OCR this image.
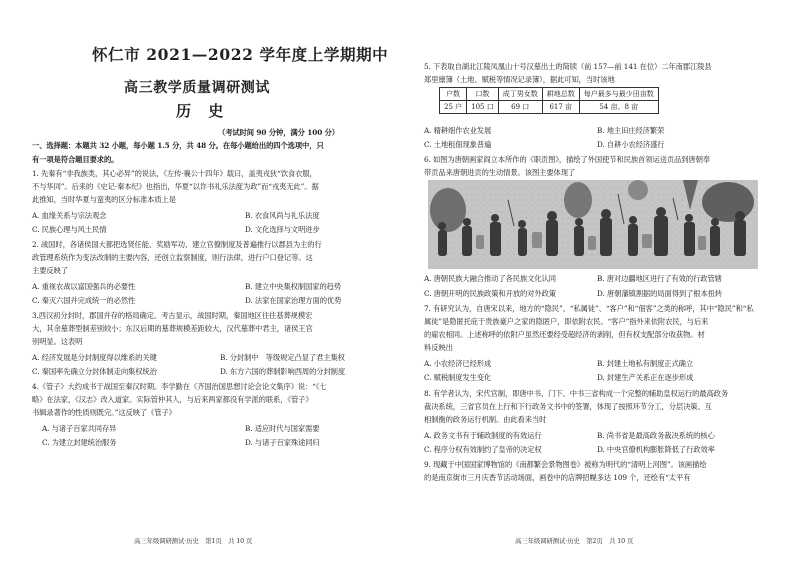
怀仁市 2021—2022 学年度上学期期中
高三教学质量调研测试
历 史
（考试时间 90 分钟，满分 100 分）
一、选择题：本题共 32 小题，每小题 1.5 分，共 48 分。在每小题给出的四个选项中，只
有一项是符合题目要求的。
1. 先秦有“非我族类，其心必异”的说法，《左传·襄公十四年》载曰，盖夷戎狄“饮食衣服，
不与华同”。后来的《史记·秦本纪》也指出，华夏“以诈书礼乐法度为政”而“戎夷无此”。据
此推知，当时华夏与蛮夷的区分标准本质上是
A. 血缘关系与宗法观念	B. 衣食风尚与礼乐法度
C. 民族心理与风土民情	D. 文化选择与文明进步
2. 战国时，各诸侯国大都把选贤任能、奖励军功、建立官僚制度及普遍推行以郡县为主的行
政管理系统作为变法改制的主要内容，还创立监察制度，则行法律，进行户口登记等。这
主要反映了
A. 重视农战以富国强兵的必要性	B. 建立中央集权制国家的趋势
C. 秦灭六国并完成统一的必然性	D. 法家在国家治理方面的优势
3.西汉初分封时，郡国并存的格局确定。考古显示，战国时期，秦国地区往往基葬规模宏
大，其余墓葬型制差别较小；东汉后期的墓葬规模差距较大，汉代墓葬中君主，诸侯王官
别明显。这表明
A. 经济发展是分封制度得以维系的关键	B. 分封制中　等级规定凸显了君主集权
C. 秦国率先确立分封体制走向集权统治	D. 东方六国的葬制影响西周的分封制度
4.《管子》大约成书于战国至秦汉时期。李学勤在《齐国治国思想讨论会论文集序》说：“《七
略》在法家，《汉志》改入道家。实际管仲其人，与后来两家都没有学派的联系，《管子》
书辑录著作的性质则既完。”这反映了《管子》
A. 与诸子百家共同存异	B. 适应时代与国家需要
C. 为建立封建统治服务	D. 与诸子百家殊途同归
高三年级调研测试·历史　第1页　共 10 页
5. 下表取自湖北江陵凤凰山十号汉墓出土的简牍（前 157—前 141 在位）二年南郡江陵县
郑里廪簿（土地、赋税等情况记录簿），据此可知，当时该地
户数	口数	成丁男女数	耕地总数	每户最多与最少田亩数
25 户	105 口	69 口	617 亩	54 亩、8 亩
A. 精耕细作农业发展	B. 地主田庄经济繁荣
C. 土地租佃现象普遍	D. 自耕小农经济盛行
6. 如图为唐朝画家阎立本所作的《职贡图》，描绘了外国使节和民族首领运送贡品到唐朝奉
带贡品来唐朝进贡的生动情景。该图主要体现了
A. 唐朝民族大融合推动了各民族文化认同	B. 唐对边疆地区进行了有效的行政管辖
C. 唐朝开明的民族政策和开放的对外政策	D. 唐朝藩镇割据的局面得到了根本扭转
7. 有研究认为，自唐宋以来，地方的“隐民”、“私属徒”、“客户”和“佃客”之类的称呼，其中“隐民”和“私
属徒”是隐匿托庇于贵族豪户之家的隐匿户，即依附农民。“客户”指外来依附农民，与后来
的雇农相同。上述称呼的依附户虽然还要经受超经济的剥削，但有权支配部分收获物。材
料反映出
A. 小农经济已经形成	B. 封建土地私有制度正式确立
C. 赋税制度发生变化	D. 封建生产关系正在逐步形成
8. 有学者认为，宋代官制，即唐中书、门下、中书三省构成一个完整的辅助皇权运行的最高政务
裁决系统，三省官员在上行和下行政务文书中的签署，体现了按照环节分工，分层决策、互
相制衡的政务运行机制。由此看来当时
A. 政务文书有于辅政制度的有效运行	B. 尚书省是最高政务裁决系统的核心
C. 程序分权有效制约了皇帝的决定权	D. 中央官僚机构膨胀降低了行政效率
9. 现藏于中国国家博物馆的《南都繁会景物图卷》被称为明代的“清明上河图”。该画描绘
的是南京街市三月庆香节活动场面，画卷中的店牌招幌多达 109 个，还绘有“太平有
高三年级调研测试·历史　第2页　共 10 页
